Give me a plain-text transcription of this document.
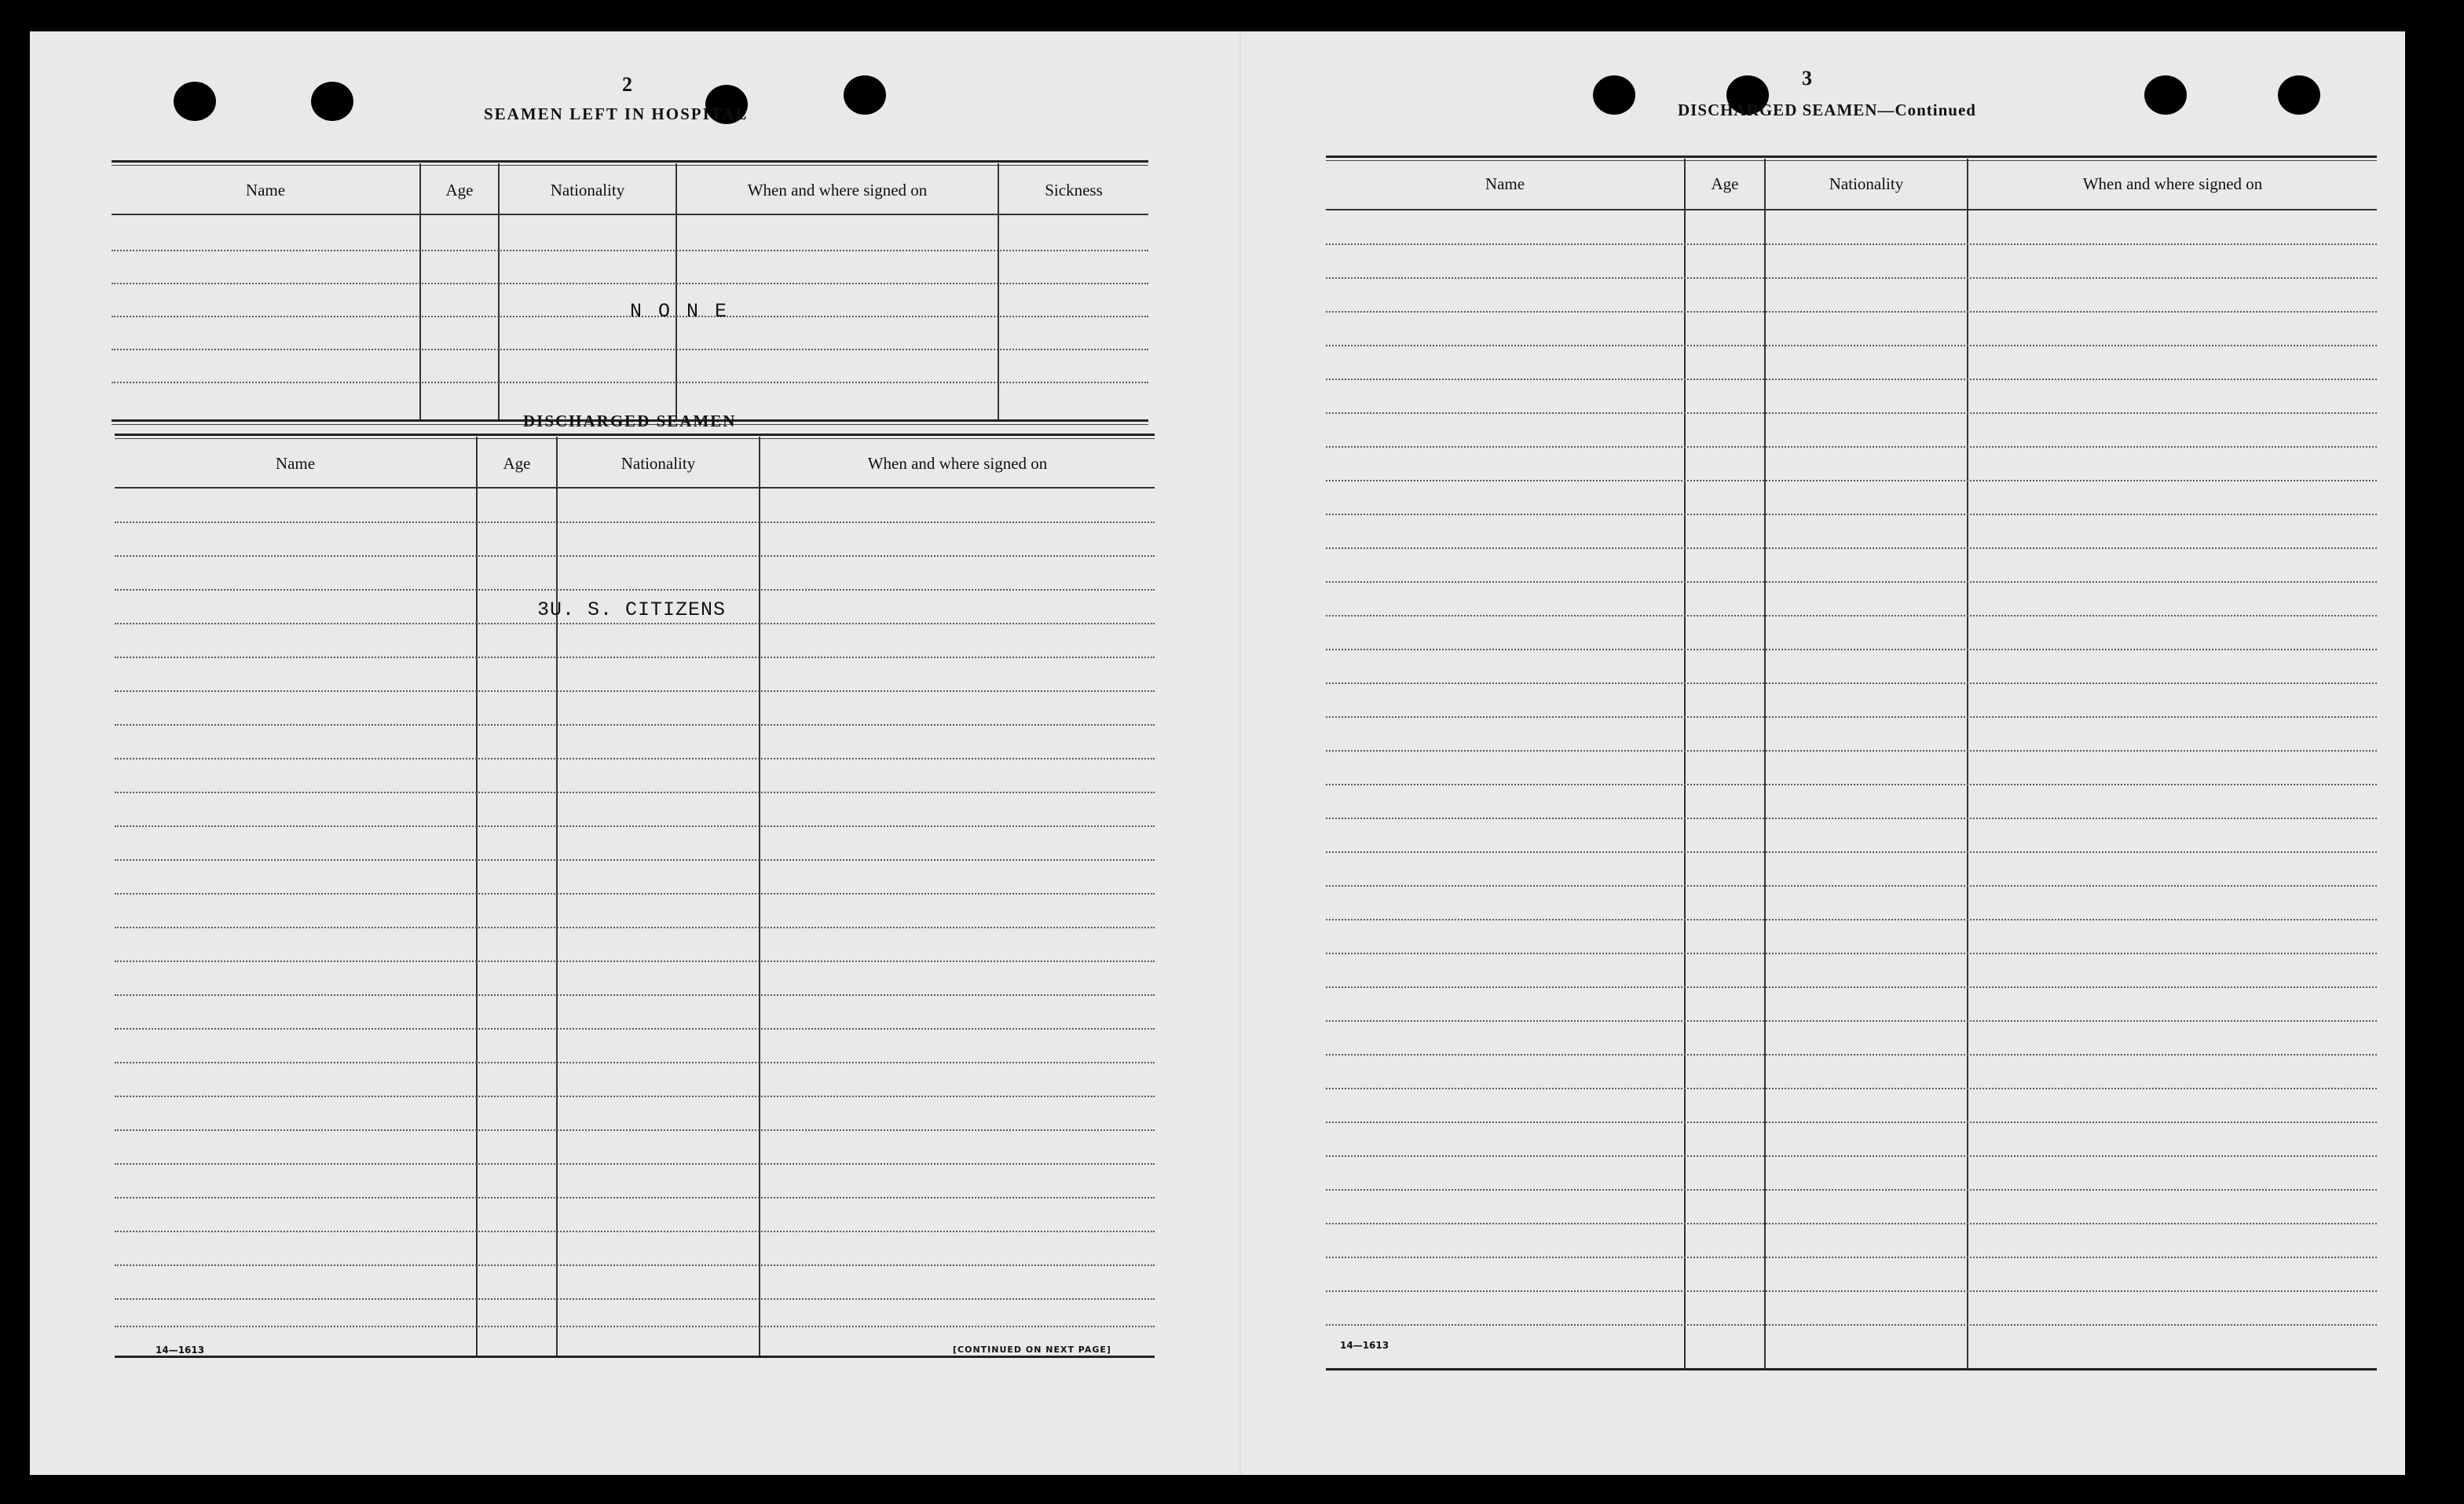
2
SEAMEN LEFT IN HOSPITAL
Name	Age	Nationality	When and where signed on	Sickness
N O N E
DISCHARGED SEAMEN
Name	Age	Nationality	When and where signed on
3U. S. CITIZENS
14—1613	[CONTINUED ON NEXT PAGE]
3
DISCHARGED SEAMEN—Continued
Name	Age	Nationality	When and where signed on
14—1613
